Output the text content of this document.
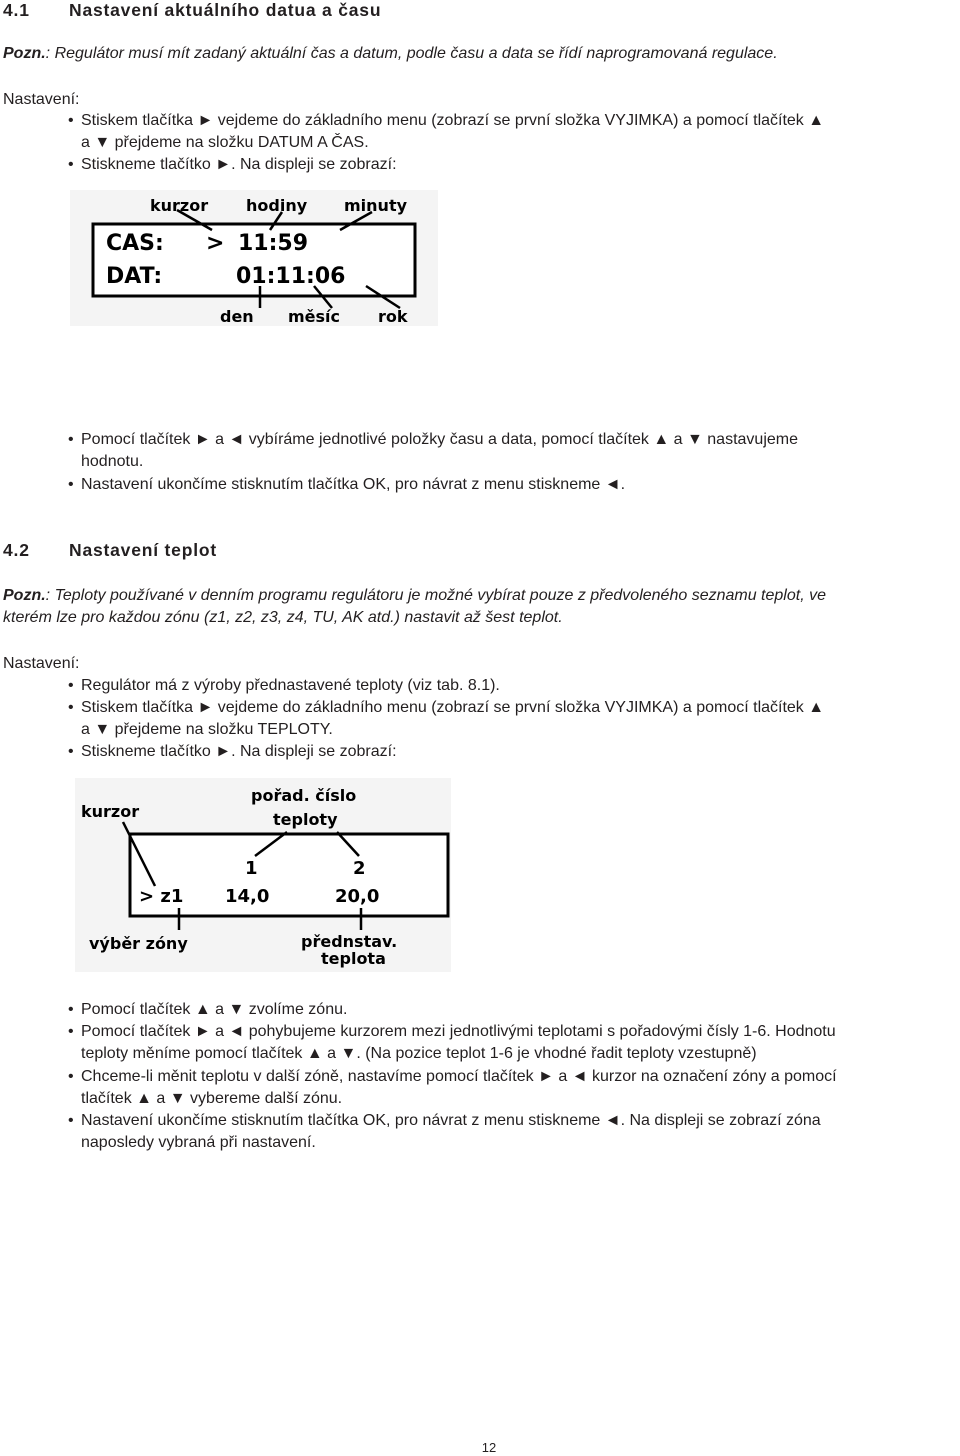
4.1 Nastavení aktuálního datua a času
Pozn.: Regulátor musí mít zadaný aktuální čas a datum, podle času a data se řídí naprogramovaná regulace.
Nastavení:
• Stiskem tlačítka ► vejdeme do základního menu (zobrazí se první složka VYJIMKA) a pomocí tlačítek ▲
a ▼ přejdeme na složku DATUM A ČAS.
• Stiskneme tlačítko ►. Na displeji se zobrazí:
kurzor hodiny minuty
CAS: > 11:59
DAT:	01:11:06
den měsíc rok
• Pomocí tlačítek ► a ◄ vybíráme jednotlivé položky času a data, pomocí tlačítek ▲ a ▼ nastavujeme
hodnotu.
• Nastavení ukončíme stisknutím tlačítka OK, pro návrat z menu stiskneme ◄.
4.2 Nastavení teplot
Pozn.: Teploty používané v denním programu regulátoru je možné vybírat pouze z předvoleného seznamu teplot, ve
kterém lze pro každou zónu (z1, z2, z3, z4, TU, AK atd.) nastavit až šest teplot.
Nastavení:
• Regulátor má z výroby přednastavené teploty (viz tab. 8.1).
• Stiskem tlačítka ► vejdeme do základního menu (zobrazí se první složka VYJIMKA) a pomocí tlačítek ▲
a ▼ přejdeme na složku TEPLOTY.
• Stiskneme tlačítko ►. Na displeji se zobrazí:
kurzor
pořad. číslo
teploty
1	2
> z1 14,0	20,0
výběr zóny	přednstav.
teplota
• Pomocí tlačítek ▲ a ▼ zvolíme zónu.
• Pomocí tlačítek ► a ◄ pohybujeme kurzorem mezi jednotlivými teplotami s pořadovými čísly 1-6. Hodnotu
teploty měníme pomocí tlačítek ▲ a ▼. (Na pozice teplot 1-6 je vhodné řadit teploty vzestupně)
• Chceme-li měnit teplotu v další zóně, nastavíme pomocí tlačítek ► a ◄ kurzor na označení zóny a pomocí
tlačítek ▲ a ▼ vybereme další zónu.
• Nastavení ukončíme stisknutím tlačítka OK, pro návrat z menu stiskneme ◄. Na displeji se zobrazí zóna
naposledy vybraná při nastavení.
12
